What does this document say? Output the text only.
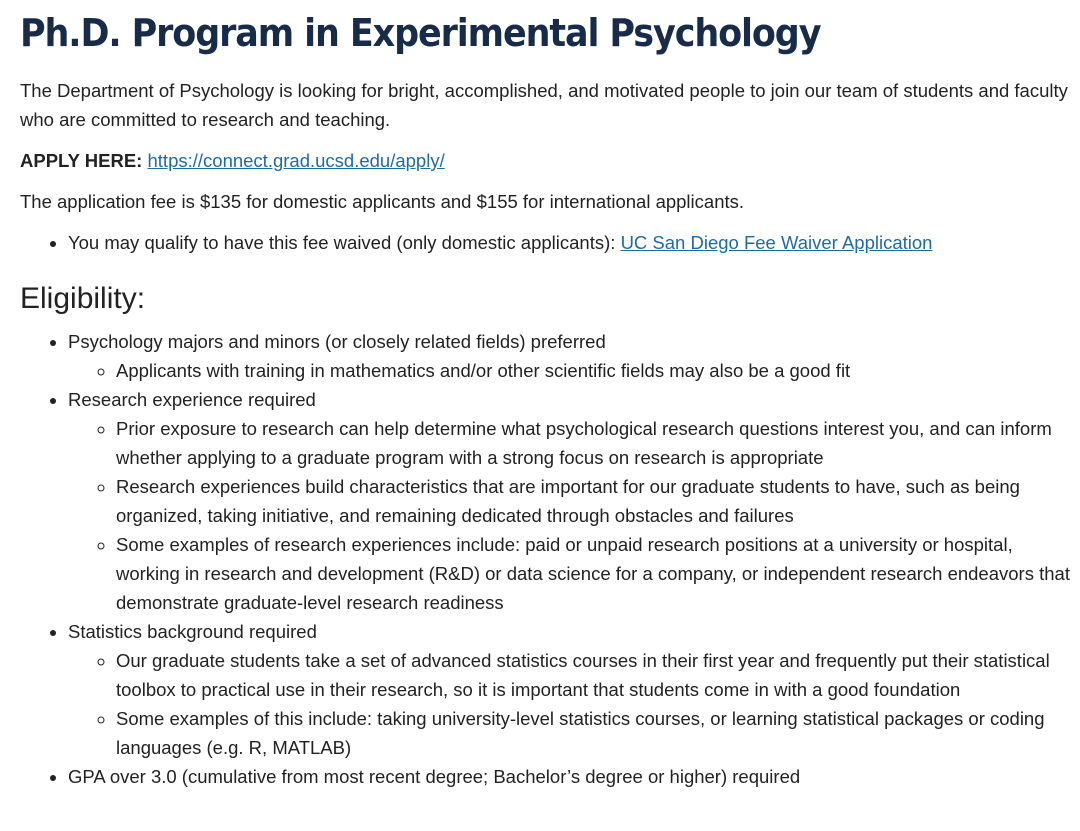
Ph.D. Program in Experimental Psychology

The Department of Psychology is looking for bright, accomplished, and motivated people to join our team of students and faculty who are committed to research and teaching.

APPLY HERE: https://connect.grad.ucsd.edu/apply/

The application fee is $135 for domestic applicants and $155 for international applicants.

• You may qualify to have this fee waived (only domestic applicants): UC San Diego Fee Waiver Application
Eligibility:
• Psychology majors and minors (or closely related fields) preferred
◦ Applicants with training in mathematics and/or other scientific fields may also be a good fit
• Research experience required
◦ Prior exposure to research can help determine what psychological research questions interest you, and can inform whether applying to a graduate program with a strong focus on research is appropriate
◦ Research experiences build characteristics that are important for our graduate students to have, such as being organized, taking initiative, and remaining dedicated through obstacles and failures
◦ Some examples of research experiences include: paid or unpaid research positions at a university or hospital, working in research and development (R&D) or data science for a company, or independent research endeavors that demonstrate graduate-level research readiness
• Statistics background required
◦ Our graduate students take a set of advanced statistics courses in their first year and frequently put their statistical toolbox to practical use in their research, so it is important that students come in with a good foundation
◦ Some examples of this include: taking university-level statistics courses, or learning statistical packages or coding languages (e.g. R, MATLAB)
• GPA over 3.0 (cumulative from most recent degree; Bachelor’s degree or higher) required
